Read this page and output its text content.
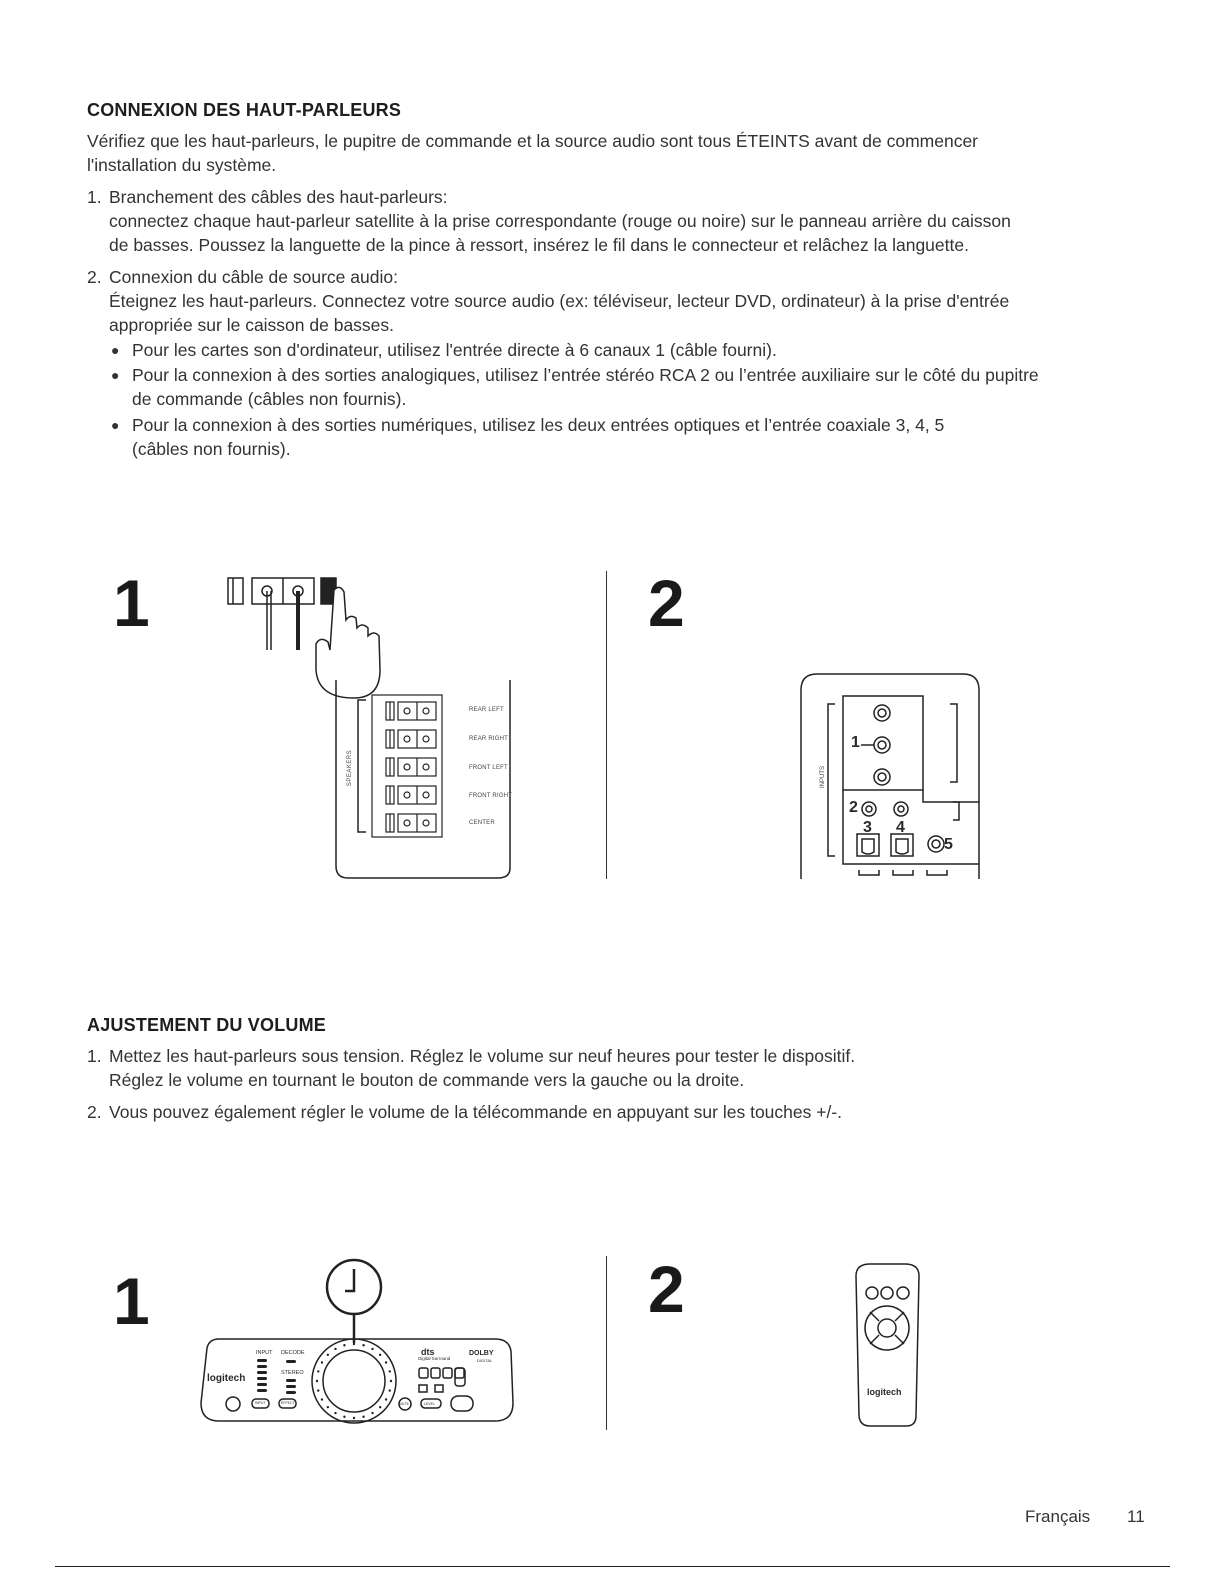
CONNEXION DES HAUT-PARLEURS
Vérifiez que les haut-parleurs, le pupitre de commande et la source audio sont tous ÉTEINTS avant de commencer
l'installation du système.
1. Branchement des câbles des haut-parleurs:
connectez chaque haut-parleur satellite à la prise correspondante (rouge ou noire) sur le panneau arrière du caisson
de basses. Poussez la languette de la pince à ressort, insérez le fil dans le connecteur et relâchez la languette.
2. Connexion du câble de source audio:
Éteignez les haut-parleurs. Connectez votre source audio (ex: téléviseur, lecteur DVD, ordinateur) à la prise d'entrée
appropriée sur le caisson de basses.
● Pour les cartes son d'ordinateur, utilisez l'entrée directe à 6 canaux 1 (câble fourni).
● Pour la connexion à des sorties analogiques, utilisez l’entrée stéréo RCA 2 ou l’entrée auxiliaire sur le côté du pupitre
de commande (câbles non fournis).
● Pour la connexion à des sorties numériques, utilisez les deux entrées optiques et l’entrée coaxiale 3, 4, 5
(câbles non fournis).
1	2
REAR LEFT
REAR RIGHT
FRONT LEFT
FRONT RIGHT
CENTER
SPEAKERS
1
2
3 4
5
INPUTS
AJUSTEMENT DU VOLUME
1. Mettez les haut-parleurs sous tension. Réglez le volume sur neuf heures pour tester le dispositif.
Réglez le volume en tournant le bouton de commande vers la gauche ou la droite.
2. Vous pouvez également régler le volume de la télécommande en appuyant sur les touches +/-.
1	2
logitech
INPUT DECODE
STEREO
dts
Digital Surround
DOLBY
DIGITAL
INPUT	EFFECT	MUTE	LEVEL
logitech
Français 11
